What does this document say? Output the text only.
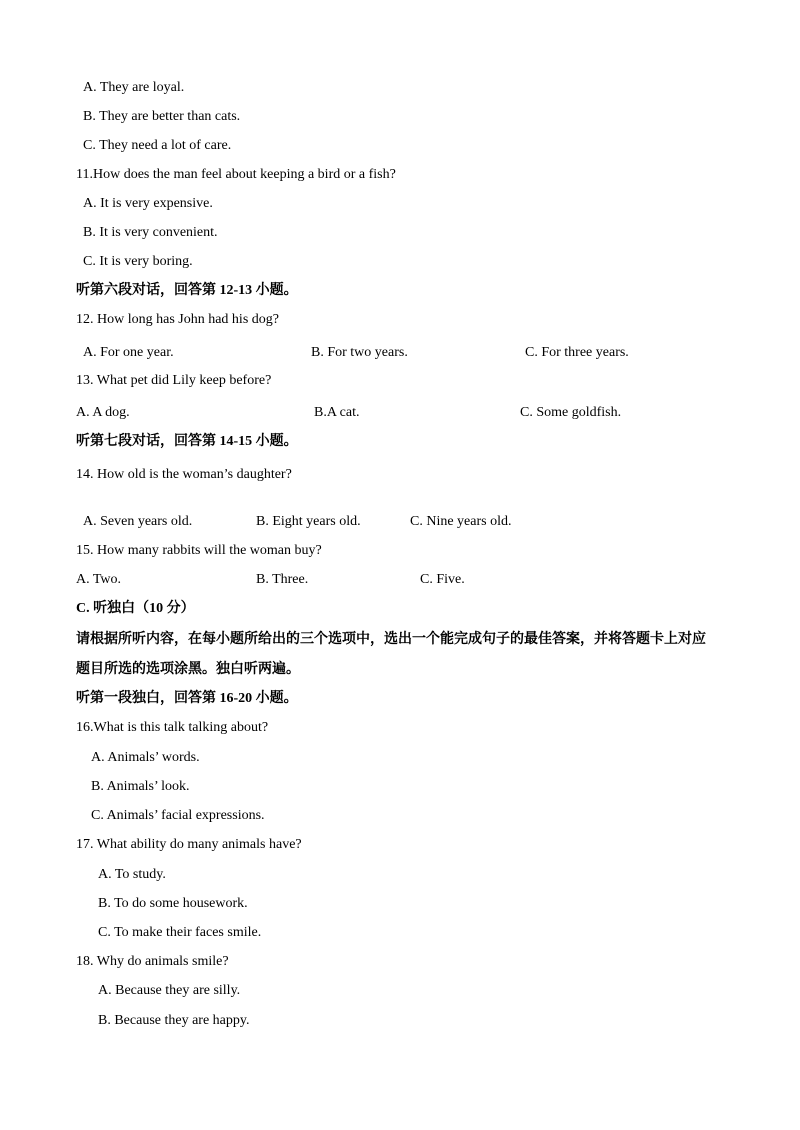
A. They are loyal.
B. They are better than cats.
C. They need a lot of care.
11.How does the man feel about keeping a bird or a fish?
A. It is very expensive.
B. It is very convenient.
C. It is very boring.
听第六段对话，回答第 12-13 小题。
12. How long has John had his dog?
A. For one year.	B. For two years.	C. For three years.
13. What pet did Lily keep before?
A. A dog.	B.A cat.	C. Some goldfish.
听第七段对话，回答第 14-15 小题。
14. How old is the woman’s daughter?
A. Seven years old.	B. Eight years old.	C. Nine years old.
15. How many rabbits will the woman buy?
A. Two.	B. Three.	C. Five.
C. 听独白（10 分）
请根据所听内容，在每小题所给出的三个选项中，选出一个能完成句子的最佳答案，并将答题卡上对应
题目所选的选项涂黑。独白听两遍。
听第一段独白，回答第 16-20 小题。
16.What is this talk talking about?
A. Animals’ words.
B. Animals’ look.
C. Animals’ facial expressions.
17. What ability do many animals have?
A. To study.
B. To do some housework.
C. To make their faces smile.
18. Why do animals smile?
A. Because they are silly.
B. Because they are happy.
